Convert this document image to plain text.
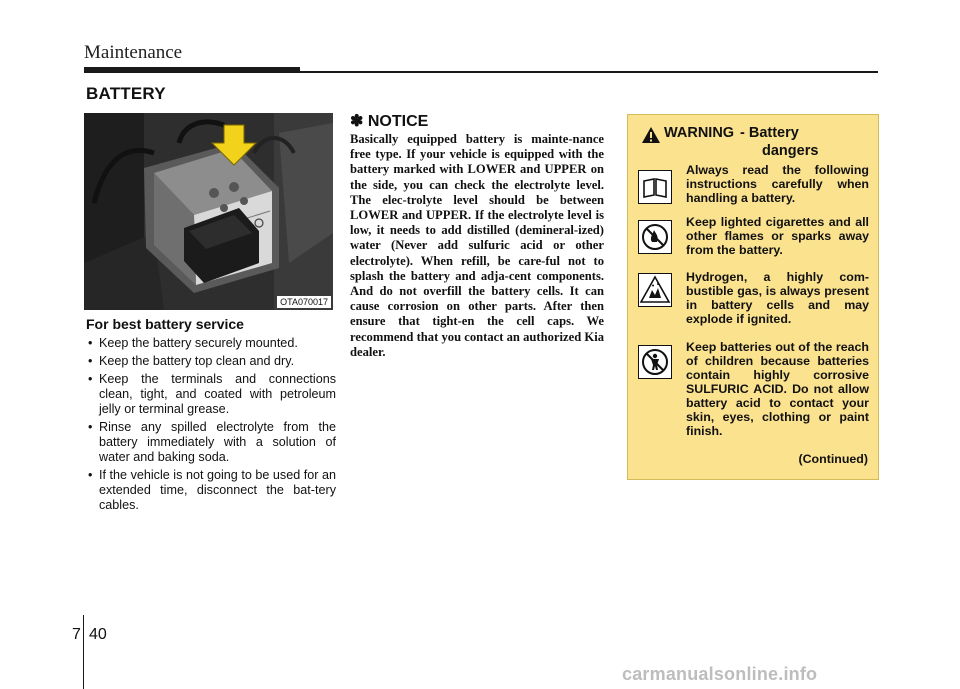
Maintenance
BATTERY
OTA070017
For best battery service
• Keep the battery securely mounted.
• Keep the battery top clean and dry.
• Keep the terminals and connections clean, tight, and coated with petroleum jelly or terminal grease.
• Rinse any spilled electrolyte from the battery immediately with a solution of water and baking soda.
• If the vehicle is not going to be used for an extended time, disconnect the bat-tery cables.
✽ NOTICE

Basically equipped battery is mainte-nance free type. If your vehicle is equipped with the battery marked with LOWER and UPPER on the side, you can check the electrolyte level. The elec-trolyte level should be between LOWER and UPPER. If the electrolyte level is low, it needs to add distilled (demineral-ized) water (Never add sulfuric acid or other electrolyte). When refill, be care-ful not to splash the battery and adja-cent components. And do not overfill the battery cells. It can cause corrosion on other parts. After then ensure that tight-en the cell caps. We recommend that you contact an authorized Kia dealer.

WARNING - Battery
dangers
Always read the following instructions carefully when handling a battery.
Keep lighted cigarettes and all other flames or sparks away from the battery.
Hydrogen, a highly com-bustible gas, is always present in battery cells and may explode if ignited.
Keep batteries out of the reach of children because batteries contain highly corrosive SULFURIC ACID. Do not allow battery acid to contact your skin, eyes, clothing or paint finish.
(Continued)
7 40
carmanualsonline.info
